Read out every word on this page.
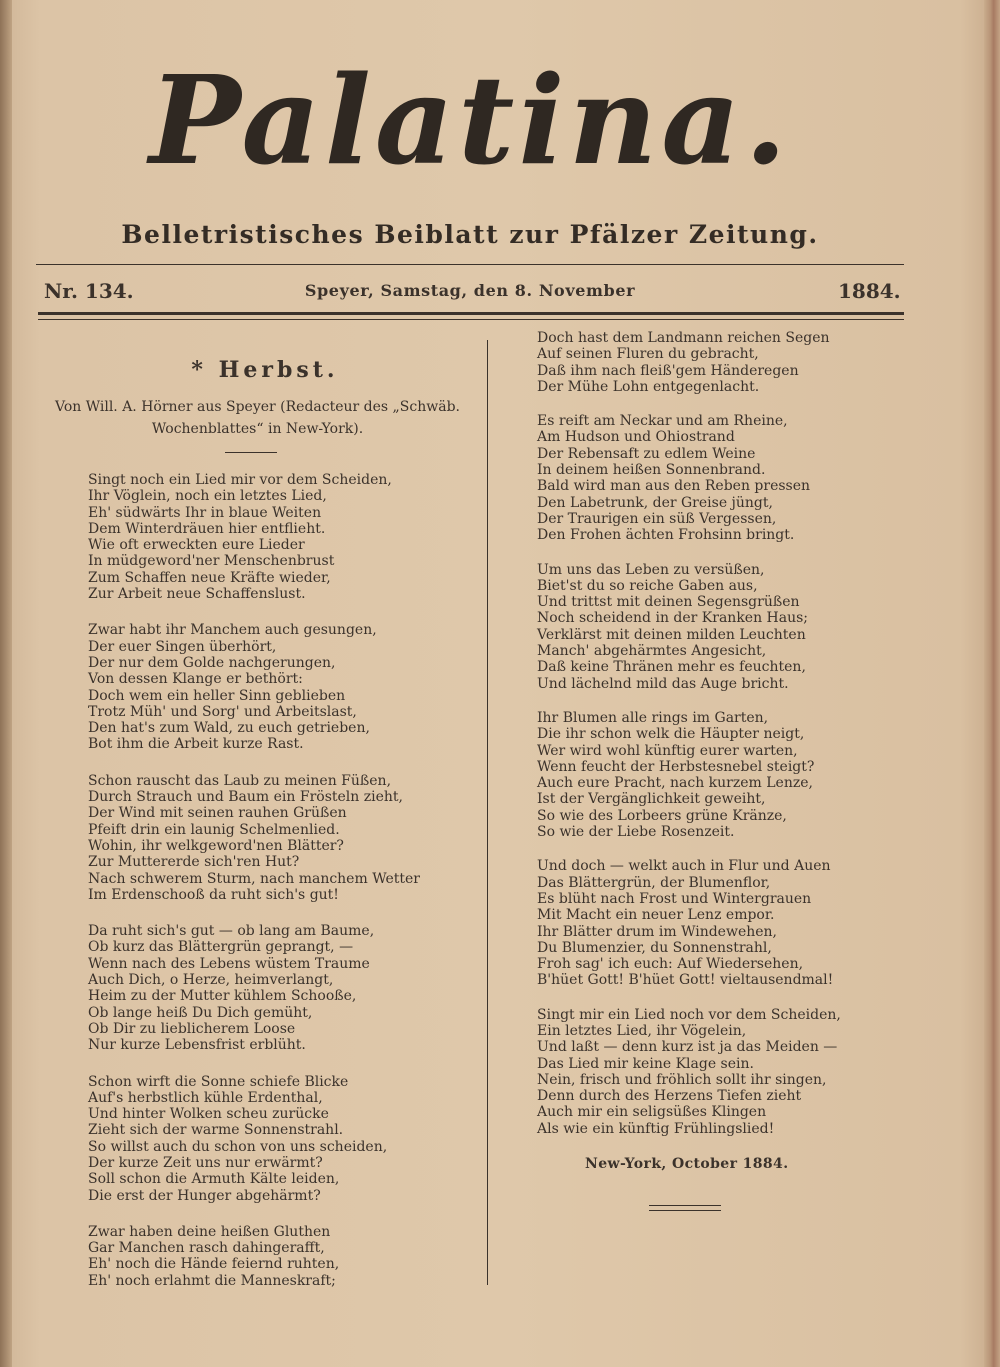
Palatina.
Belletristisches Beiblatt zur Pfälzer Zeitung.
Nr. 134.	Speyer, Samstag, den 8. November	1884.
* Herbst.
Von Will. A. Hörner aus Speyer (Redacteur des „Schwäb.
Wochenblattes“ in New-York).
Singt noch ein Lied mir vor dem Scheiden,
Ihr Vöglein, noch ein letztes Lied,
Eh' südwärts Ihr in blaue Weiten
Dem Winterdräuen hier entflieht.
Wie oft erweckten eure Lieder
In müdgeword'ner Menschenbrust
Zum Schaffen neue Kräfte wieder,
Zur Arbeit neue Schaffenslust.
Zwar habt ihr Manchem auch gesungen,
Der euer Singen überhört,
Der nur dem Golde nachgerungen,
Von dessen Klange er bethört:
Doch wem ein heller Sinn geblieben
Trotz Müh' und Sorg' und Arbeitslast,
Den hat's zum Wald, zu euch getrieben,
Bot ihm die Arbeit kurze Rast.
Schon rauscht das Laub zu meinen Füßen,
Durch Strauch und Baum ein Frösteln zieht,
Der Wind mit seinen rauhen Grüßen
Pfeift drin ein launig Schelmenlied.
Wohin, ihr welkgeword'nen Blätter?
Zur Muttererde sich'ren Hut?
Nach schwerem Sturm, nach manchem Wetter
Im Erdenschooß da ruht sich's gut!
Da ruht sich's gut — ob lang am Baume,
Ob kurz das Blättergrün geprangt, —
Wenn nach des Lebens wüstem Traume
Auch Dich, o Herze, heimverlangt,
Heim zu der Mutter kühlem Schooße,
Ob lange heiß Du Dich gemüht,
Ob Dir zu lieblicherem Loose
Nur kurze Lebensfrist erblüht.
Schon wirft die Sonne schiefe Blicke
Auf's herbstlich kühle Erdenthal,
Und hinter Wolken scheu zurücke
Zieht sich der warme Sonnenstrahl.
So willst auch du schon von uns scheiden,
Der kurze Zeit uns nur erwärmt?
Soll schon die Armuth Kälte leiden,
Die erst der Hunger abgehärmt?
Zwar haben deine heißen Gluthen
Gar Manchen rasch dahingerafft,
Eh' noch die Hände feiernd ruhten,
Eh' noch erlahmt die Manneskraft;
Doch hast dem Landmann reichen Segen
Auf seinen Fluren du gebracht,
Daß ihm nach fleiß'gem Händeregen
Der Mühe Lohn entgegenlacht.
Es reift am Neckar und am Rheine,
Am Hudson und Ohiostrand
Der Rebensaft zu edlem Weine
In deinem heißen Sonnenbrand.
Bald wird man aus den Reben pressen
Den Labetrunk, der Greise jüngt,
Der Traurigen ein süß Vergessen,
Den Frohen ächten Frohsinn bringt.
Um uns das Leben zu versüßen,
Biet'st du so reiche Gaben aus,
Und trittst mit deinen Segensgrüßen
Noch scheidend in der Kranken Haus;
Verklärst mit deinen milden Leuchten
Manch' abgehärmtes Angesicht,
Daß keine Thränen mehr es feuchten,
Und lächelnd mild das Auge bricht.
Ihr Blumen alle rings im Garten,
Die ihr schon welk die Häupter neigt,
Wer wird wohl künftig eurer warten,
Wenn feucht der Herbstesnebel steigt?
Auch eure Pracht, nach kurzem Lenze,
Ist der Vergänglichkeit geweiht,
So wie des Lorbeers grüne Kränze,
So wie der Liebe Rosenzeit.
Und doch — welkt auch in Flur und Auen
Das Blättergrün, der Blumenflor,
Es blüht nach Frost und Wintergrauen
Mit Macht ein neuer Lenz empor.
Ihr Blätter drum im Windewehen,
Du Blumenzier, du Sonnenstrahl,
Froh sag' ich euch: Auf Wiedersehen,
B'hüet Gott! B'hüet Gott! vieltausendmal!
Singt mir ein Lied noch vor dem Scheiden,
Ein letztes Lied, ihr Vögelein,
Und laßt — denn kurz ist ja das Meiden —
Das Lied mir keine Klage sein.
Nein, frisch und fröhlich sollt ihr singen,
Denn durch des Herzens Tiefen zieht
Auch mir ein seligsüßes Klingen
Als wie ein künftig Frühlingslied!
New-York, October 1884.
